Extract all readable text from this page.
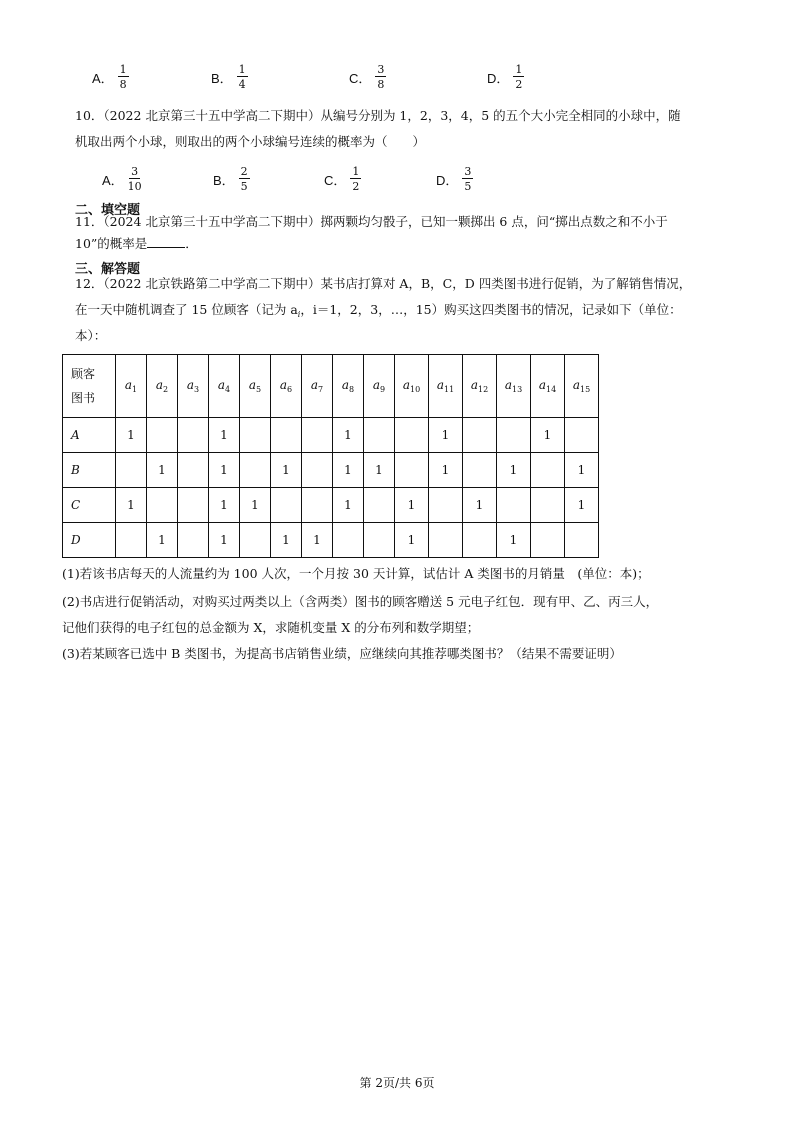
A． $\frac{1}{8}$	B． $\frac{1}{4}$	C． $\frac{3}{8}$	D． $\frac{1}{2}$
10．（2022 北京第三十五中学高二下期中）从编号分别为 1，2，3，4，5 的五个大小完全相同的小球中，随
机取出两个小球，则取出的两个小球编号连续的概率为（　　）
A． $\frac{3}{10}$	B． $\frac{2}{5}$	C． $\frac{1}{2}$	D． $\frac{3}{5}$
二、填空题
11．（2024 北京第三十五中学高二下期中）掷两颗均匀骰子，已知一颗掷出 6 点，问“掷出点数之和不小于
10”的概率是	．
三、解答题
12．（2022 北京铁路第二中学高二下期中）某书店打算对 A，B，C，D 四类图书进行促销，为了解销售情况，
在一天中随机调查了 15 位顾客（记为 $a_i$，i＝1，2，3，…，15）购买这四类图书的情况，记录如下（单位：
本）：
顾客
图书	$a_1$	$a_2$	$a_3$	$a_4$	$a_5$	$a_6$	$a_7$	$a_8$	$a_9$	$a_{10}$	$a_{11}$	$a_{12}$	$a_{13}$	$a_{14}$	$a_{15}$
A	1			1				1			1			1	
B		1		1		1		1	1		1		1		1
C	1			1	1			1		1		1			1
D		1		1		1	1			1			1		
(1)若该书店每天的人流量约为 100 人次，一个月按 30 天计算，试估计 A 类图书的月销量　(单位：本)；
(2)书店进行促销活动，对购买过两类以上（含两类）图书的顾客赠送 5 元电子红包．现有甲、乙、丙三人，
记他们获得的电子红包的总金额为 X，求随机变量 X 的分布列和数学期望；
(3)若某顾客已选中 B 类图书，为提高书店销售业绩，应继续向其推荐哪类图书？（结果不需要证明）
第 2页/共 6页
